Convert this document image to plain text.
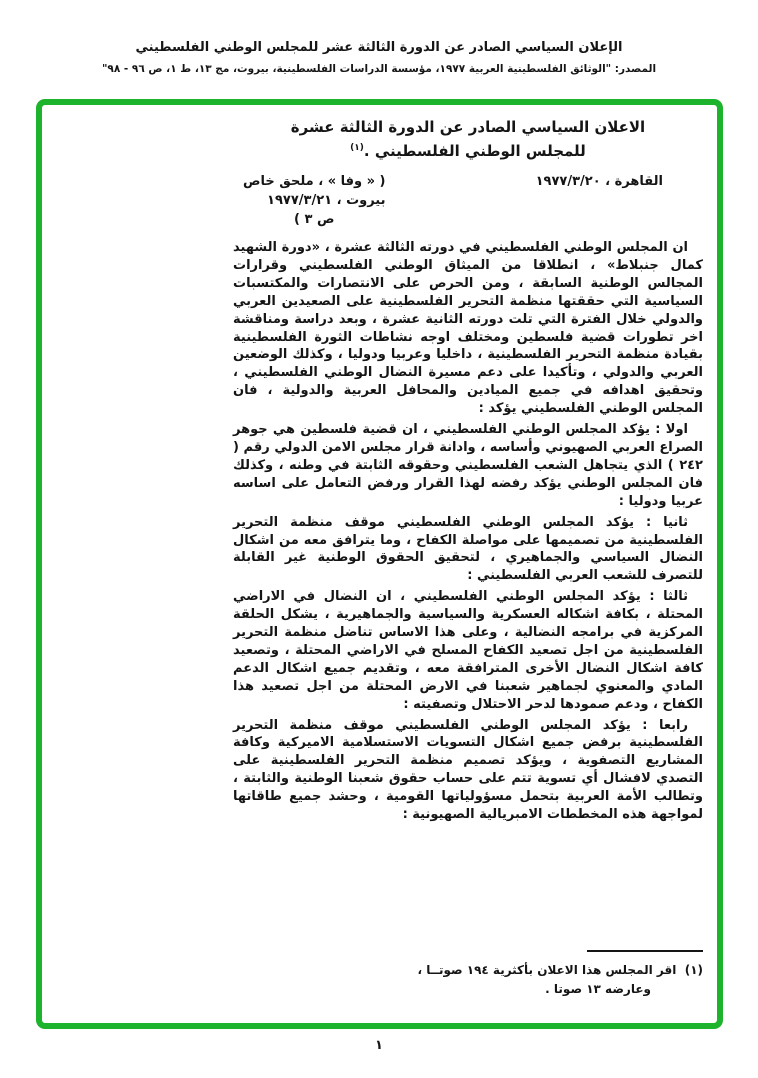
الإعلان السياسي الصادر عن الدورة الثالثة عشر للمجلس الوطني الفلسطيني
المصدر: "الوثائق الفلسطينية العربية ١٩٧٧، مؤسسة الدراسات الفلسطينية، بيروت، مج ١٣، ط ١، ص ٩٦ - ٩٨"
الاعلان السياسي الصادر عن الدورة الثالثة عشرة
للمجلس الوطني الفلسطيني .$^{(١)}$
القاهرة ، ١٩٧٧/٣/٢٠
( « وفا » ، ملحق خاص
بيروت ، ١٩٧٧/٣/٢١
ص ٣ )

ان المجلس الوطني الفلسطيني في دورته الثالثة عشرة ، «دورة الشهيد كمال جنبلاط» ، انطلاقا من الميثاق الوطني الفلسطيني وقرارات المجالس الوطنية السابقة ، ومن الحرص على الانتصارات والمكتسبات السياسية التي حققتها منظمة التحرير الفلسطينية على الصعيدين العربي والدولي خلال الفترة التي تلت دورته الثانية عشرة ، وبعد دراسة ومناقشة اخر تطورات قضية فلسطين ومختلف اوجه نشاطات الثورة الفلسطينية بقيادة منظمة التحرير الفلسطينية ، داخليا وعربيا ودوليا ، وكذلك الوضعين العربي والدولي ، وتأكيدا على دعم مسيرة النضال الوطني الفلسطيني ، وتحقيق اهدافه في جميع الميادين والمحافل العربية والدولية ، فان المجلس الوطني الفلسطيني يؤكد :

اولا : يؤكد المجلس الوطني الفلسطيني ، ان قضية فلسطين هي جوهر الصراع العربي الصهيوني وأساسه ، وادانة قرار مجلس الامن الدولي رقم ( ٢٤٢ ) الذي يتجاهل الشعب الفلسطيني وحقوقه الثابتة في وطنه ، وكذلك فان المجلس الوطني يؤكد رفضه لهذا القرار ورفض التعامل على اساسه عربيا ودوليا :

ثانيا : يؤكد المجلس الوطني الفلسطيني موقف منظمة التحرير الفلسطينية من تصميمها على مواصلة الكفاح ، وما يترافق معه من اشكال النضال السياسي والجماهيري ، لتحقيق الحقوق الوطنية غير القابلة للتصرف للشعب العربي الفلسطيني :

ثالثا : يؤكد المجلس الوطني الفلسطيني ، ان النضال في الاراضي المحتلة ، بكافة اشكاله العسكرية والسياسية والجماهيرية ، يشكل الحلقة المركزية في برامجه النضالية ، وعلى هذا الاساس تناضل منظمة التحرير الفلسطينية من اجل تصعيد الكفاح المسلح في الاراضي المحتلة ، وتصعيد كافة اشكال النضال الأخرى المترافقة معه ، وتقديم جميع اشكال الدعم المادي والمعنوي لجماهير شعبنا في الارض المحتلة من اجل تصعيد هذا الكفاح ، ودعم صمودها لدحر الاحتلال وتصفيته :

رابعا : يؤكد المجلس الوطني الفلسطيني موقف منظمة التحرير الفلسطينية برفض جميع اشكال التسويات الاستسلامية الاميركية وكافة المشاريع التصفوية ، ويؤكد تصميم منظمة التحرير الفلسطينية على التصدي لافشال أي تسوية تتم على حساب حقوق شعبنا الوطنية والثابتة ، وتطالب الأمة العربية بتحمل مسؤولياتها القومية ، وحشد جميع طاقاتها لمواجهة هذه المخططات الامبريالية الصهيونية :

(١)  اقر المجلس هذا الاعلان بأكثرية ١٩٤ صوتــا ،
وعارضه ١٣ صوتا .
١
